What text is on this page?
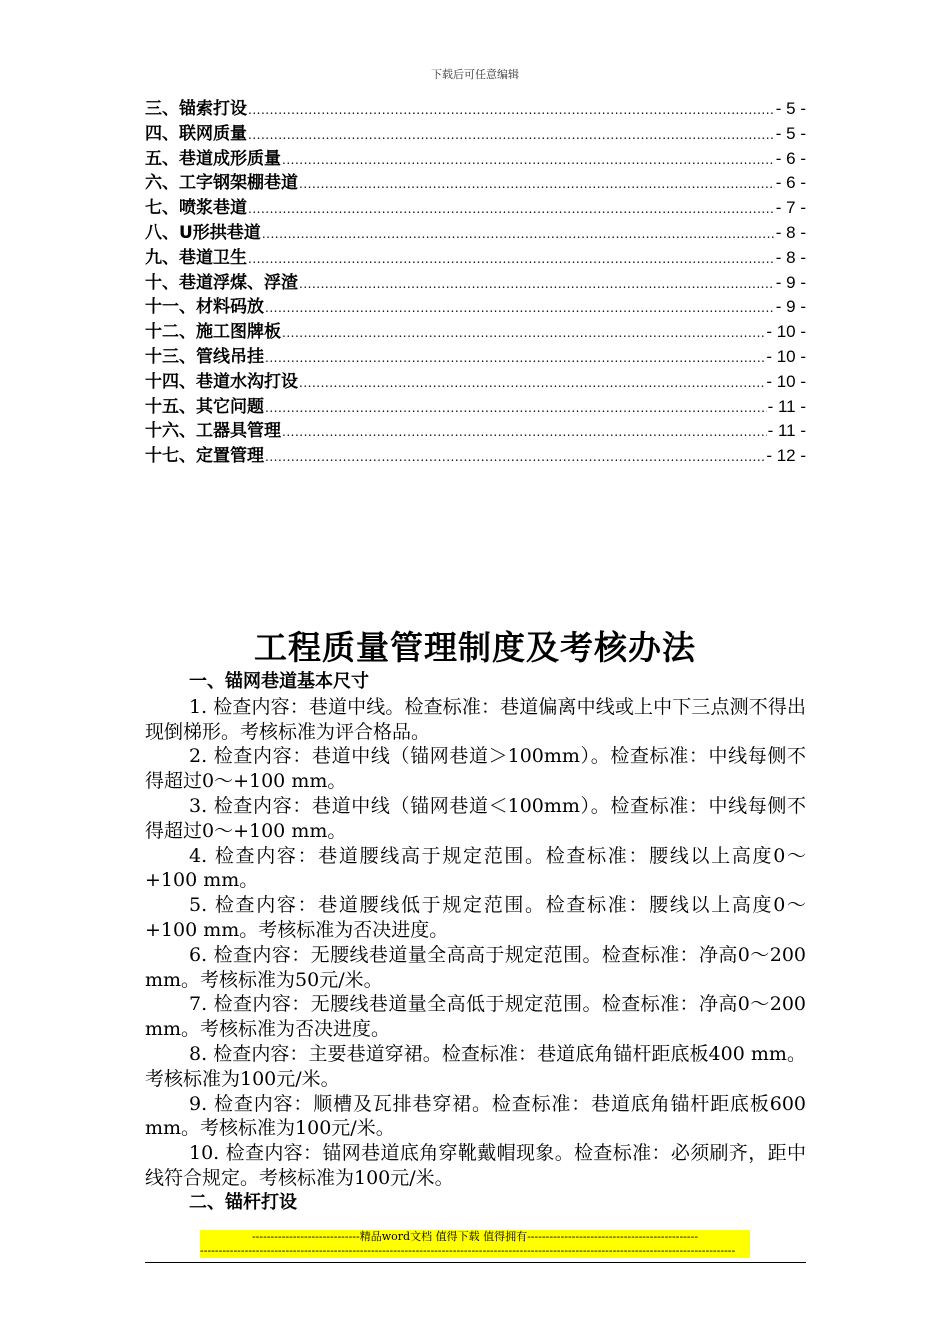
下载后可任意编辑
三、锚索打设 .....	- 5 -
四、联网质量 .....	- 5 -
五、巷道成形质量 .....	- 6 -
六、工字钢架棚巷道 .....	- 6 -
七、喷浆巷道 .....	- 7 -
八、U形拱巷道 .....	- 8 -
九、巷道卫生 .....	- 8 -
十、巷道浮煤、浮渣 .....	- 9 -
十一、材料码放 .....	- 9 -
十二、施工图牌板 .....	- 10 -
十三、管线吊挂 .....	- 10 -
十四、巷道水沟打设 .....	- 10 -
十五、其它问题 .....	- 11 -
十六、工器具管理 .....	- 11 -
十七、定置管理 .....	- 12 -
工程质量管理制度及考核办法
一、锚网巷道基本尺寸
1. 检查内容：巷道中线。检查标准：巷道偏离中线或上中下三点测不得出现倒梯形。考核标准为评合格品。
2. 检查内容：巷道中线（锚网巷道＞100mm）。检查标准：中线每侧不得超过0～+100 mm。
3. 检查内容：巷道中线（锚网巷道＜100mm）。检查标准：中线每侧不得超过0～+100 mm。
4. 检查内容：巷道腰线高于规定范围。检查标准：腰线以上高度0～+100 mm。
5. 检查内容：巷道腰线低于规定范围。检查标准：腰线以上高度0～+100 mm。考核标准为否决进度。
6. 检查内容：无腰线巷道量全高高于规定范围。检查标准：净高0～200 mm。考核标准为50元/米。
7. 检查内容：无腰线巷道量全高低于规定范围。检查标准：净高0～200 mm。考核标准为否决进度。
8. 检查内容：主要巷道穿裙。检查标准：巷道底角锚杆距底板400 mm。考核标准为100元/米。
9. 检查内容：顺槽及瓦排巷穿裙。检查标准：巷道底角锚杆距底板600 mm。考核标准为100元/米。
10. 检查内容：锚网巷道底角穿靴戴帽现象。检查标准：必须刷齐，距中线符合规定。考核标准为100元/米。
二、锚杆打设
-----------------------------精品word文档 值得下载 值得拥有----------------------------------------------
------------------------------------------------------------------------------------------------------------------------------------------------
